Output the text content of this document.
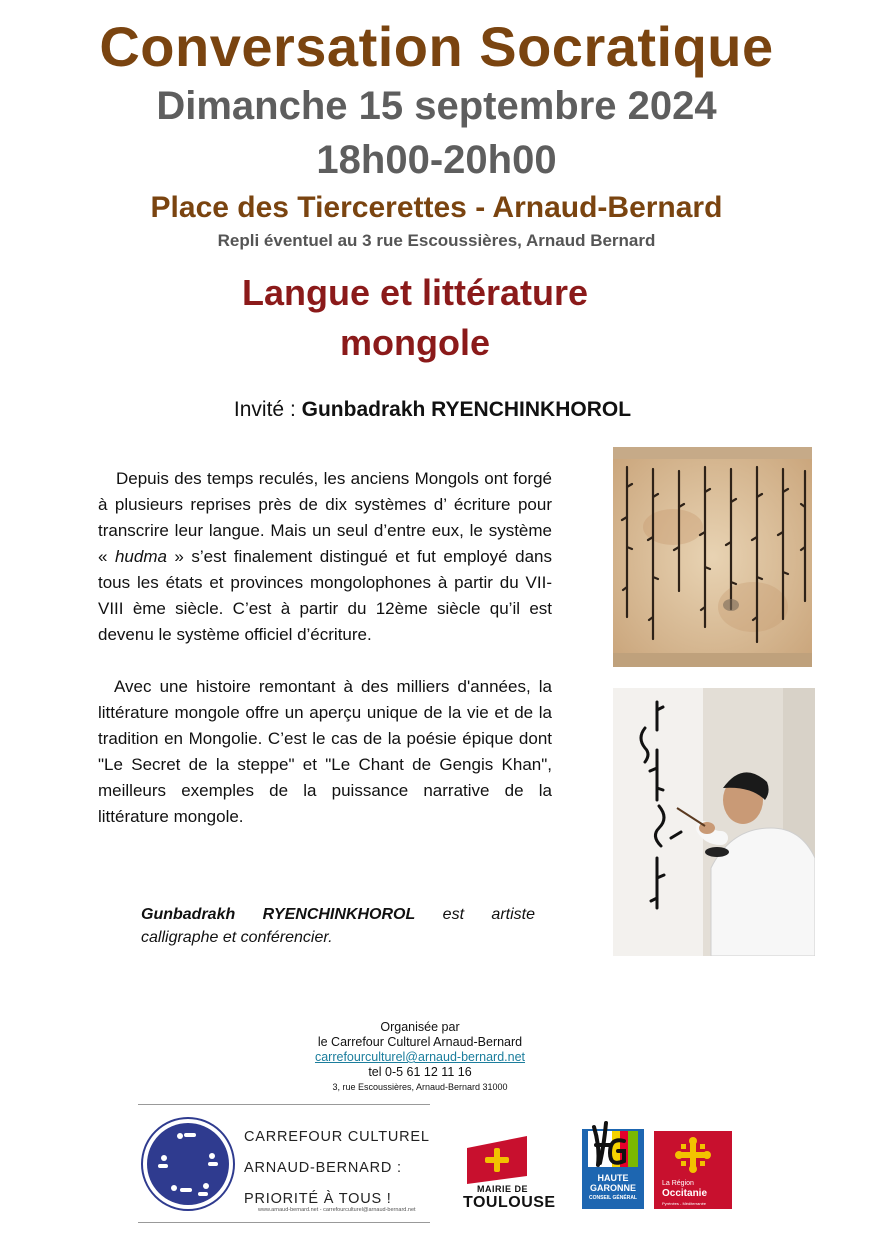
Conversation Socratique
Dimanche 15 septembre 2024
18h00-20h00
Place des Tiercerettes - Arnaud-Bernard
Repli éventuel au 3 rue Escoussières, Arnaud Bernard
Langue et littérature
mongole
Invité : Gunbadrakh RYENCHINKHOROL

Depuis des temps reculés, les anciens Mongols ont forgé à plusieurs reprises près de dix systèmes d’ écriture pour transcrire leur langue. Mais un seul d’entre eux, le système « hudma » s’est finalement distingué et fut employé dans tous les états et provinces mongolophones à partir du VII-VIII ème siècle. C’est à partir du 12ème siècle qu’il est devenu le système officiel d’écriture.

Avec une histoire remontant à des milliers d'années, la littérature mongole offre un aperçu unique de la vie et de la tradition en Mongolie. C’est le cas de la poésie épique dont "Le Secret de la steppe" et "Le Chant de Gengis Khan", meilleurs exemples de la puissance narrative de la littérature mongole.

Gunbadrakh RYENCHINKHOROL est artiste calligraphe et conférencier.
Organisée par
le Carrefour Culturel Arnaud-Bernard
carrefourculturel@arnaud-bernard.net
tel 0-5 61 12 11 16
3, rue Escoussières, Arnaud-Bernard 31000
CARREFOUR CULTUREL
ARNAUD-BERNARD :
PRIORITÉ À TOUS !
www.arnaud-bernard.net - carrefourculturel@arnaud-bernard.net
MAIRIE DE
TOULOUSE
HAUTE
GARONNE
CONSEIL GÉNÉRAL
La Région
Occitanie
Pyrénées - Méditerranée
